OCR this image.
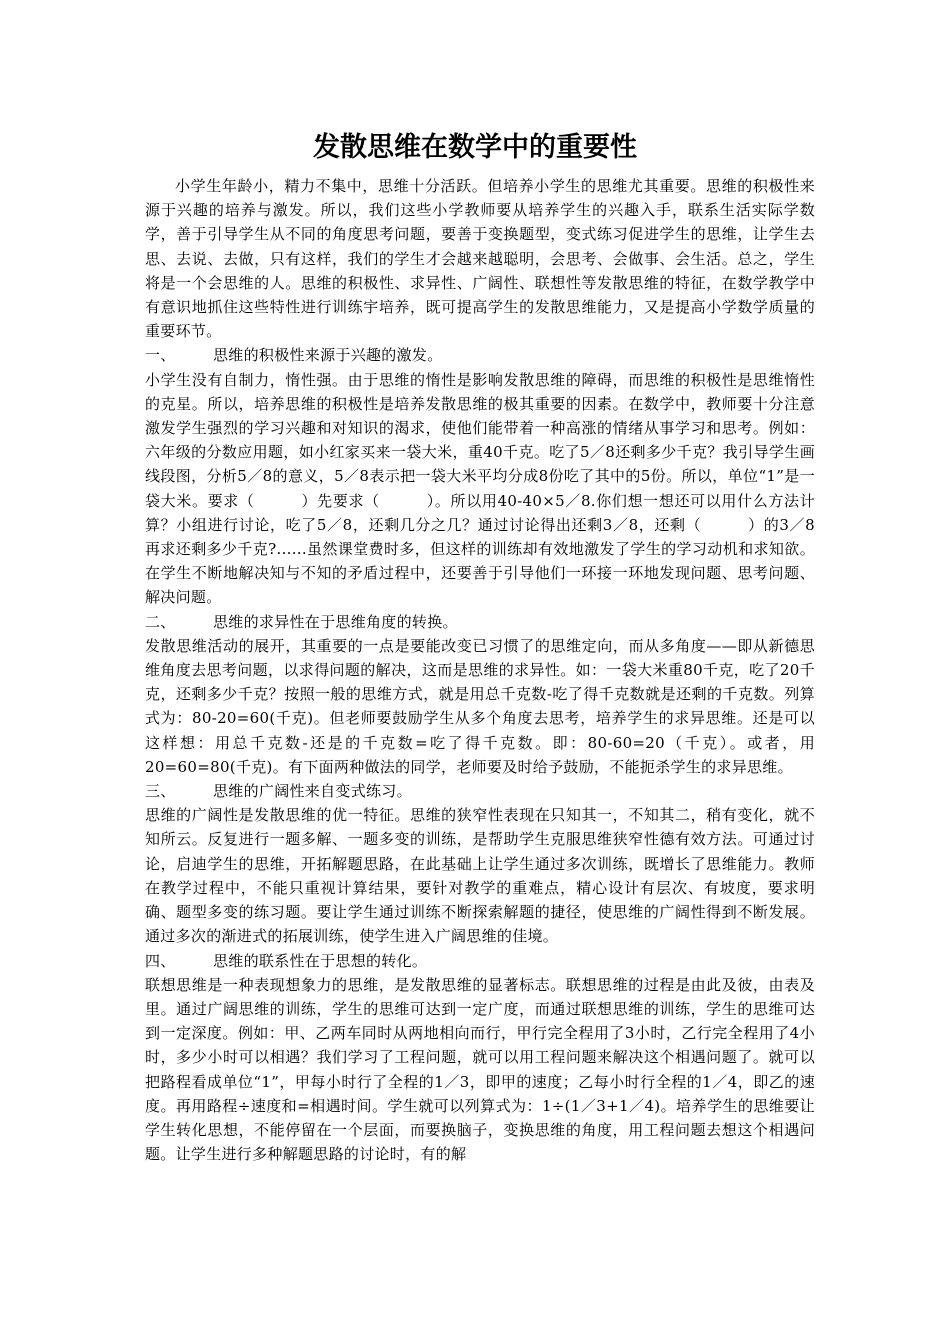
发散思维在数学中的重要性

小学生年龄小，精力不集中，思维十分活跃。但培养小学生的思维尤其重要。思维的积极性来源于兴趣的培养与激发。所以，我们这些小学教师要从培养学生的兴趣入手，联系生活实际学数学，善于引导学生从不同的角度思考问题，要善于变换题型，变式练习促进学生的思维，让学生去思、去说、去做，只有这样，我们的学生才会越来越聪明，会思考、会做事、会生活。总之，学生将是一个会思维的人。思维的积极性、求异性、广阔性、联想性等发散思维的特征，在数学教学中有意识地抓住这些特性进行训练宇培养，既可提高学生的发散思维能力，又是提高小学数学质量的重要环节。

一、 思维的积极性来源于兴趣的激发。

小学生没有自制力，惰性强。由于思维的惰性是影响发散思维的障碍，而思维的积极性是思维惰性的克星。所以，培养思维的积极性是培养发散思维的极其重要的因素。在数学中，教师要十分注意激发学生强烈的学习兴趣和对知识的渴求，使他们能带着一种高涨的情绪从事学习和思考。例如：六年级的分数应用题，如小红家买来一袋大米，重40千克。吃了5／8还剩多少千克？我引导学生画线段图，分析5／8的意义，5／8表示把一袋大米平均分成8份吃了其中的5份。所以，单位“1”是一袋大米。要求（　　　）先要求（　　　）。所以用40-40×5／8.你们想一想还可以用什么方法计算？小组进行讨论，吃了5／8，还剩几分之几？通过讨论得出还剩3／8，还剩（　　　）的3／8再求还剩多少千克?......虽然课堂费时多，但这样的训练却有效地激发了学生的学习动机和求知欲。在学生不断地解决知与不知的矛盾过程中，还要善于引导他们一环接一环地发现问题、思考问题、解决问题。

二、 思维的求异性在于思维角度的转换。

发散思维活动的展开，其重要的一点是要能改变已习惯了的思维定向，而从多角度——即从新德思维角度去思考问题，以求得问题的解决，这而是思维的求异性。如：一袋大米重80千克，吃了20千克，还剩多少千克？按照一般的思维方式，就是用总千克数-吃了得千克数就是还剩的千克数。列算式为：80-20=60(千克)。但老师要鼓励学生从多个角度去思考，培养学生的求异思维。还是可以这样想：用总千克数-还是的千克数=吃了得千克数。即：80-60=20（千克）。或者，用20=60=80(千克)。有下面两种做法的同学，老师要及时给予鼓励，不能扼杀学生的求异思维。

三、 思维的广阔性来自变式练习。

思维的广阔性是发散思维的优一特征。思维的狭窄性表现在只知其一，不知其二，稍有变化，就不知所云。反复进行一题多解、一题多变的训练，是帮助学生克服思维狭窄性德有效方法。可通过讨论，启迪学生的思维，开拓解题思路，在此基础上让学生通过多次训练，既增长了思维能力。教师在教学过程中，不能只重视计算结果，要针对教学的重难点，精心设计有层次、有坡度，要求明确、题型多变的练习题。要让学生通过训练不断探索解题的捷径，使思维的广阔性得到不断发展。通过多次的渐进式的拓展训练，使学生进入广阔思维的佳境。

四、 思维的联系性在于思想的转化。

联想思维是一种表现想象力的思维，是发散思维的显著标志。联想思维的过程是由此及彼，由表及里。通过广阔思维的训练，学生的思维可达到一定广度，而通过联想思维的训练，学生的思维可达到一定深度。例如：甲、乙两车同时从两地相向而行，甲行完全程用了3小时，乙行完全程用了4小时，多少小时可以相遇？我们学习了工程问题，就可以用工程问题来解决这个相遇问题了。就可以把路程看成单位“1”，甲每小时行了全程的1／3，即甲的速度；乙每小时行全程的1／4，即乙的速度。再用路程÷速度和=相遇时间。学生就可以列算式为：1÷(1／3+1／4)。培养学生的思维要让学生转化思想，不能停留在一个层面，而要换脑子，变换思维的角度，用工程问题去想这个相遇问题。让学生进行多种解题思路的讨论时，有的解
